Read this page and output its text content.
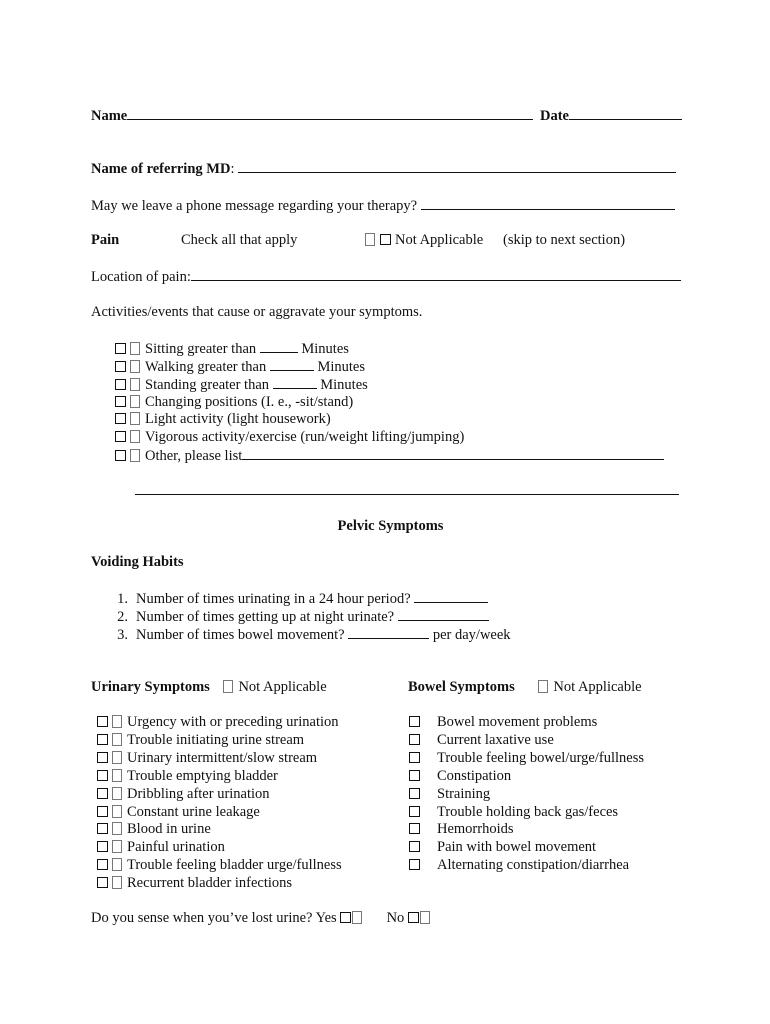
Name	Date
Name of referring MD:
May we leave a phone message regarding your therapy?
Pain	Check all that apply	Not Applicable (skip to next section)
Location of pain:
Activities/events that cause or aggravate your symptoms.
Sitting greater than	Minutes
Walking greater than	Minutes
Standing greater than	Minutes
Changing positions (I. e., -sit/stand)
Light activity (light housework)
Vigorous activity/exercise (run/weight lifting/jumping)
Other, please list
Pelvic Symptoms
Voiding Habits
1. Number of times urinating in a 24 hour period?
2. Number of times getting up at night urinate?
3. Number of times bowel movement?	per day/week
Urinary Symptoms Not Applicable
Urgency with or preceding urination
Trouble initiating urine stream
Urinary intermittent/slow stream
Trouble emptying bladder
Dribbling after urination
Constant urine leakage
Blood in urine
Painful urination
Trouble feeling bladder urge/fullness
Recurrent bladder infections
Bowel Symptoms	Not Applicable
Bowel movement problems
Current laxative use
Trouble feeling bowel/urge/fullness
Constipation
Straining
Trouble holding back gas/feces
Hemorrhoids
Pain with bowel movement
Alternating constipation/diarrhea
Do you sense when you’ve lost urine? Yes	No
